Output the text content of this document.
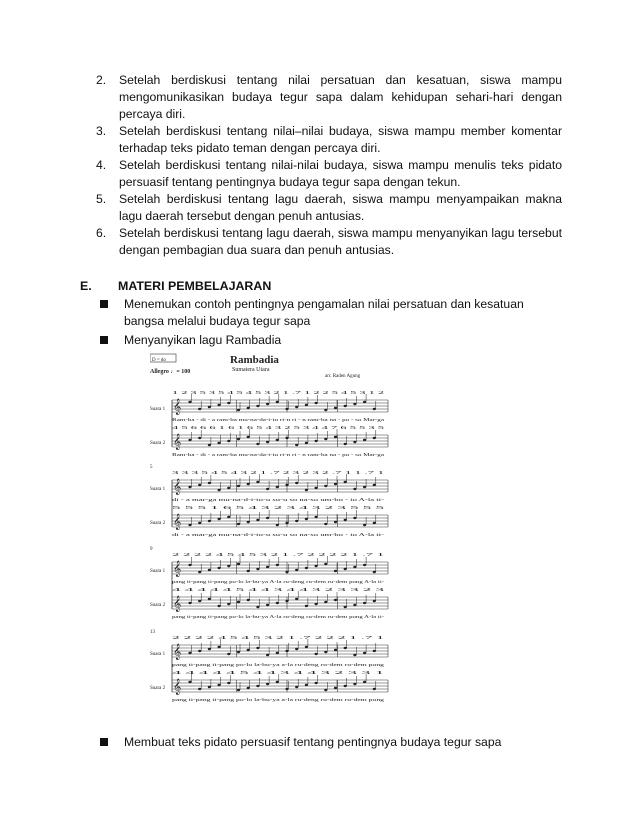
2.	Setelah berdiskusi tentang nilai persatuan dan kesatuan, siswa mampu mengomunikasikan budaya tegur sapa dalam kehidupan sehari-hari dengan percaya diri.
3.	Setelah berdiskusi tentang nilai–nilai budaya, siswa mampu member komentar terhadap teks pidato teman dengan percaya diri.
4.	Setelah berdiskusi tentang nilai-nilai budaya, siswa mampu menulis teks pidato persuasif tentang pentingnya budaya tegur sapa dengan tekun.
5.	Setelah berdiskusi tentang lagu daerah, siswa mampu menyampaikan makna lagu daerah tersebut dengan penuh antusias.
6.	Setelah berdiskusi tentang lagu daerah, siswa mampu menyanyikan lagu tersebut dengan pembagian dua suara dan penuh antusias.
E. MATERI PEMBELAJARAN
Menemukan contoh pentingnya pengamalan nilai persatuan dan kesatuan bangsa melalui budaya tegur sapa
Menyanyikan lagu Rambadia
D = do	Rambadia
Sumatera Utara
Allegro ♩= 100
arr. Raden Agung
Suara 1
Suara 2
1 2 3 5 3 5 4 5 4 5 3 2 1 .7 1 2 2 5 4 5 3 1 2
Ram-ba - di - a ram-ba mu-na-da-i-to ri-n ri - n ram-ba na - po - so Mar-ga
4 5 6 6 6 1 6 1 6 5 4 3 2 5 3 4 4 7 6 5 5 3 5
Ram-ba - di - a ram-ba mu-na-da-i-to ri-n ri - n ram-ba na - po - so Mar-ga
𝄞
𝄞
5
Suara 1
Suara 2
3 3 3 5 4 5 4 3 2 1 .7 2 3 2 3 2 .7 1 1 .7 1
di - a mar-ga mu-na-d-i-to-u su-u so na-so um-bo - to A-la ti-
5 5 5 1 6 5 4 3 2 3 4 3 2 3 5 5 5
di - a mar-ga mu-na-d-i-to-u su-u so na-so um-bo - to A-la ti-
𝄞
𝄞
9
Suara 1
Suara 2
2 2 2 2 4 5 4 5 3 2 1 .7 2 2 2 2 1 .7 1
pang ti-pang ti-pang po-lo la-bu-ya A-la ru-deng ru-dem ru-dem pong A-la ti-
4 4 4 4 4 5 4 4 3 4 4 3 2 3 3 2 3
pang ti-pang ti-pang po-lo la-bu-ya A-la ru-deng ru-dem ru-dem pong A-la ti-
𝄞
𝄞
13
Suara 1
Suara 2
2 2 2 2 4 5 4 5 3 2 1 .7 2 2 2 1 .7 1
pang ti-pang ti-pang po-lo la-bu-ya a-la ru-deng ru-dem ru-dem pong
4 4 4 4 4 5 4 4 3 4 4 3 2 3 3 1
pang ti-pang ti-pang po-lo la-bu-ya a-la ru-deng ru-dem ru-dem pong
𝄞
𝄞
Membuat teks pidato persuasif tentang pentingnya budaya tegur sapa
